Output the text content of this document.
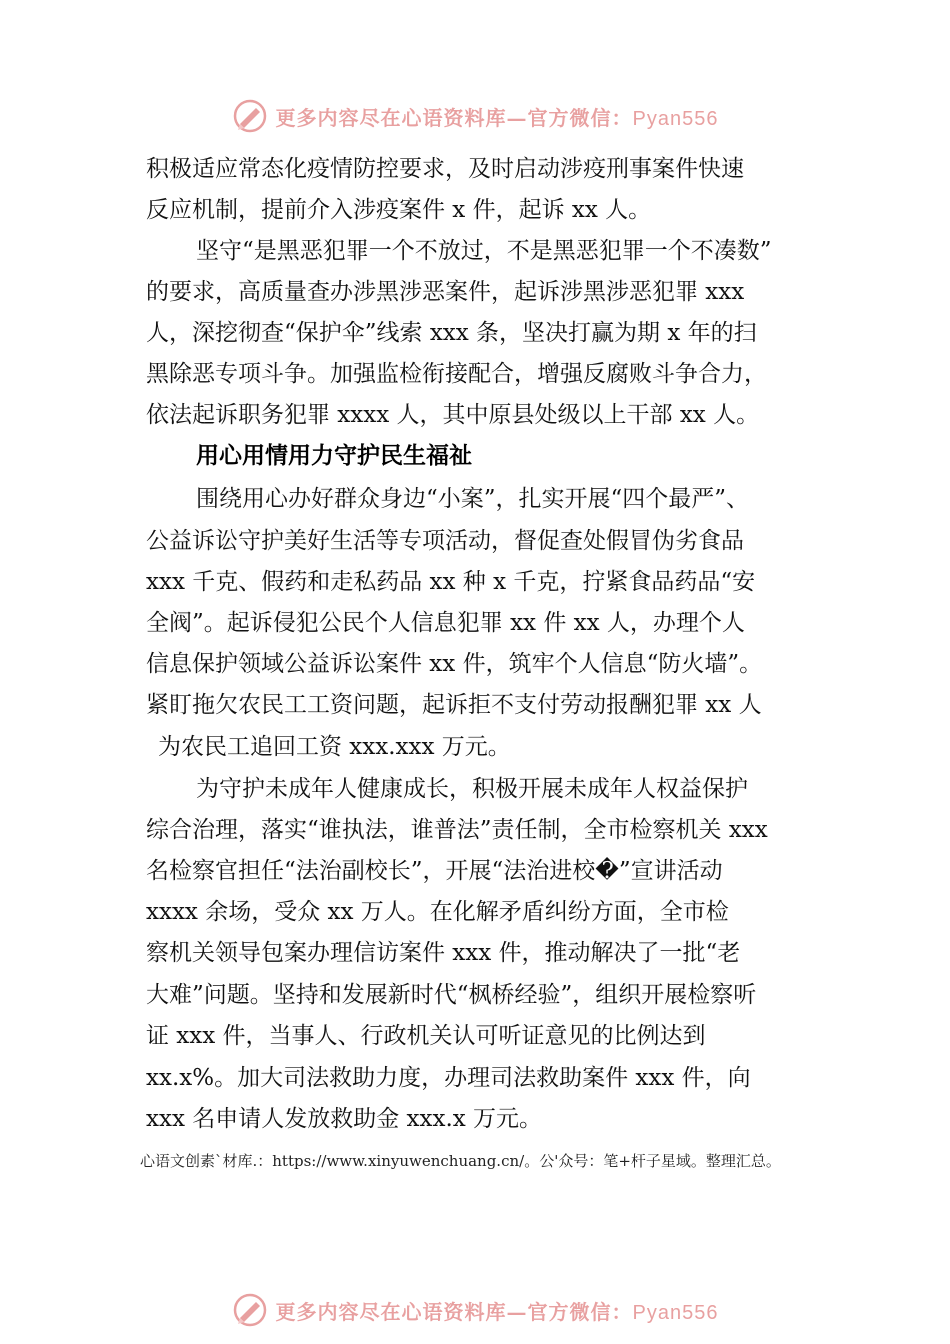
更多内容尽在心语资料库—官方微信：Pyan556
积极适应常态化疫情防控要求，及时启动涉疫刑事案件快速
反应机制，提前介入涉疫案件 x 件，起诉 xx 人。
坚守“是黑恶犯罪一个不放过，不是黑恶犯罪一个不凑数”
的要求，高质量查办涉黑涉恶案件，起诉涉黑涉恶犯罪 xxx
人，深挖彻查“保护伞”线索 xxx 条，坚决打赢为期 x 年的扫
黑除恶专项斗争。加强监检衔接配合，增强反腐败斗争合力，
依法起诉职务犯罪 xxxx 人，其中原县处级以上干部 xx 人。
用心用情用力守护民生福祉
围绕用心办好群众身边“小案”，扎实开展“四个最严”、
公益诉讼守护美好生活等专项活动，督促查处假冒伪劣食品
xxx 千克、假药和走私药品 xx 种 x 千克，拧紧食品药品“安
全阀”。起诉侵犯公民个人信息犯罪 xx 件 xx 人，办理个人
信息保护领域公益诉讼案件 xx 件，筑牢个人信息“防火墙”。
紧盯拖欠农民工工资问题，起诉拒不支付劳动报酬犯罪 xx 人
为农民工追回工资 xxx.xxx 万元。
为守护未成年人健康成长，积极开展未成年人权益保护
综合治理，落实“谁执法，谁普法”责任制，全市检察机关 xxx
名检察官担任“法治副校长”，开展“法治进校�”宣讲活动
xxxx 余场，受众 xx 万人。在化解矛盾纠纷方面，全市检
察机关领导包案办理信访案件 xxx 件，推动解决了一批“老
大难”问题。坚持和发展新时代“枫桥经验”，组织开展检察听
证 xxx 件，当事人、行政机关认可听证意见的比例达到
xx.x%。加大司法救助力度，办理司法救助案件 xxx 件，向
xxx 名申请人发放救助金 xxx.x 万元。
心语文创素`材库.：https://www.xinyuwenchuang.cn/。公'众号：笔+杆子星域。整理汇总。
更多内容尽在心语资料库—官方微信：Pyan556
